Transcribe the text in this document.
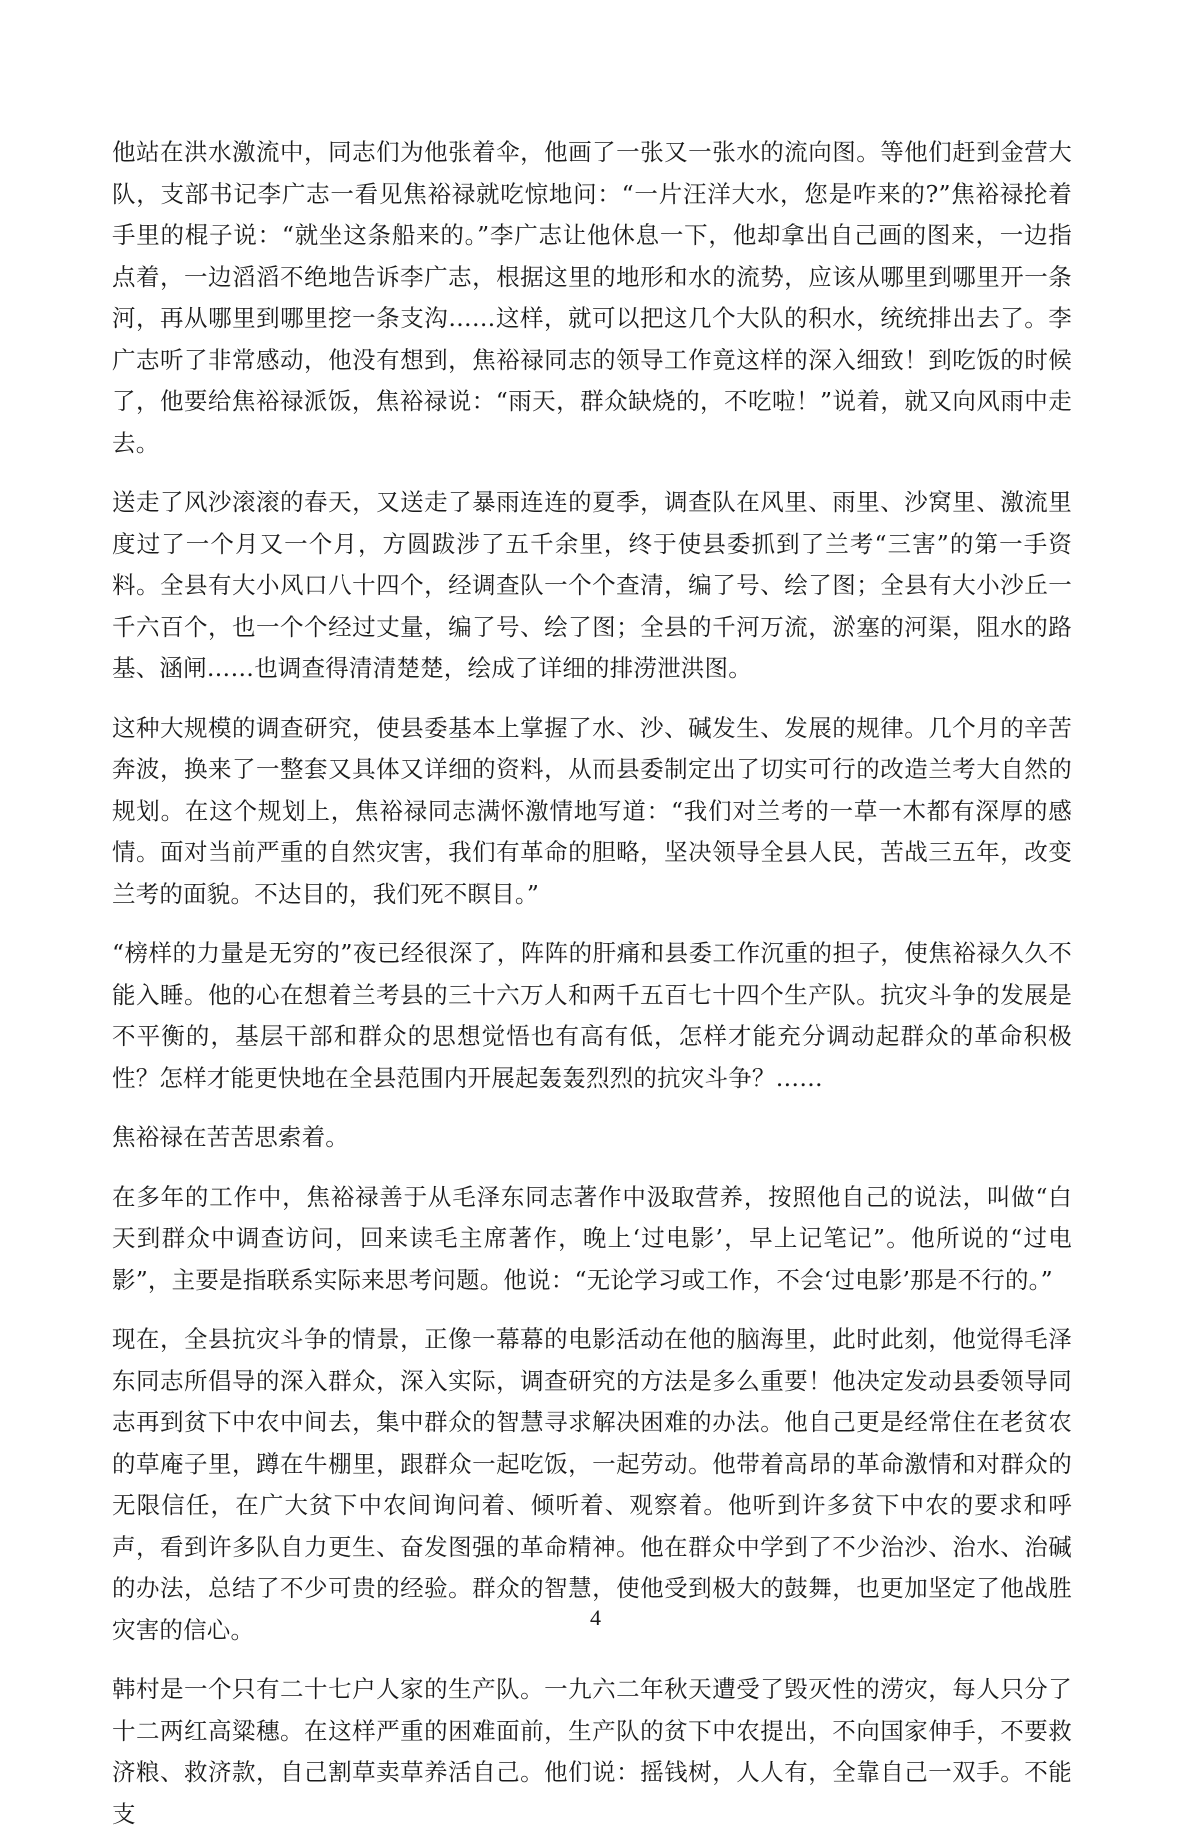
他站在洪水激流中，同志们为他张着伞，他画了一张又一张水的流向图。等他们赶到金营大队，支部书记李广志一看见焦裕禄就吃惊地问：“一片汪洋大水，您是咋来的?”焦裕禄抡着手里的棍子说：“就坐这条船来的。”李广志让他休息一下，他却拿出自己画的图来，一边指点着，一边滔滔不绝地告诉李广志，根据这里的地形和水的流势，应该从哪里到哪里开一条河，再从哪里到哪里挖一条支沟……这样，就可以把这几个大队的积水，统统排出去了。李广志听了非常感动，他没有想到，焦裕禄同志的领导工作竟这样的深入细致！到吃饭的时候了，他要给焦裕禄派饭，焦裕禄说：“雨天，群众缺烧的，不吃啦！”说着，就又向风雨中走去。

送走了风沙滚滚的春天，又送走了暴雨连连的夏季，调查队在风里、雨里、沙窝里、激流里度过了一个月又一个月，方圆跋涉了五千余里，终于使县委抓到了兰考“三害”的第一手资料。全县有大小风口八十四个，经调查队一个个查清，编了号、绘了图；全县有大小沙丘一千六百个，也一个个经过丈量，编了号、绘了图；全县的千河万流，淤塞的河渠，阻水的路基、涵闸……也调查得清清楚楚，绘成了详细的排涝泄洪图。

这种大规模的调查研究，使县委基本上掌握了水、沙、碱发生、发展的规律。几个月的辛苦奔波，换来了一整套又具体又详细的资料，从而县委制定出了切实可行的改造兰考大自然的规划。在这个规划上，焦裕禄同志满怀激情地写道：“我们对兰考的一草一木都有深厚的感情。面对当前严重的自然灾害，我们有革命的胆略，坚决领导全县人民，苦战三五年，改变兰考的面貌。不达目的，我们死不瞑目。”

“榜样的力量是无穷的”夜已经很深了，阵阵的肝痛和县委工作沉重的担子，使焦裕禄久久不能入睡。他的心在想着兰考县的三十六万人和两千五百七十四个生产队。抗灾斗争的发展是不平衡的，基层干部和群众的思想觉悟也有高有低，怎样才能充分调动起群众的革命积极性？怎样才能更快地在全县范围内开展起轰轰烈烈的抗灾斗争？……

焦裕禄在苦苦思索着。

在多年的工作中，焦裕禄善于从毛泽东同志著作中汲取营养，按照他自己的说法，叫做“白天到群众中调查访问，回来读毛主席著作，晚上‘过电影’，早上记笔记”。他所说的“过电影”，主要是指联系实际来思考问题。他说：“无论学习或工作，不会‘过电影’那是不行的。”

现在，全县抗灾斗争的情景，正像一幕幕的电影活动在他的脑海里，此时此刻，他觉得毛泽东同志所倡导的深入群众，深入实际，调查研究的方法是多么重要！他决定发动县委领导同志再到贫下中农中间去，集中群众的智慧寻求解决困难的办法。他自己更是经常住在老贫农的草庵子里，蹲在牛棚里，跟群众一起吃饭，一起劳动。他带着高昂的革命激情和对群众的无限信任，在广大贫下中农间询问着、倾听着、观察着。他听到许多贫下中农的要求和呼声，看到许多队自力更生、奋发图强的革命精神。他在群众中学到了不少治沙、治水、治碱的办法，总结了不少可贵的经验。群众的智慧，使他受到极大的鼓舞，也更加坚定了他战胜灾害的信心。

韩村是一个只有二十七户人家的生产队。一九六二年秋天遭受了毁灭性的涝灾，每人只分了十二两红高粱穗。在这样严重的困难面前，生产队的贫下中农提出，不向国家伸手，不要救济粮、救济款，自己割草卖草养活自己。他们说：摇钱树，人人有，全靠自己一双手。不能支

4
